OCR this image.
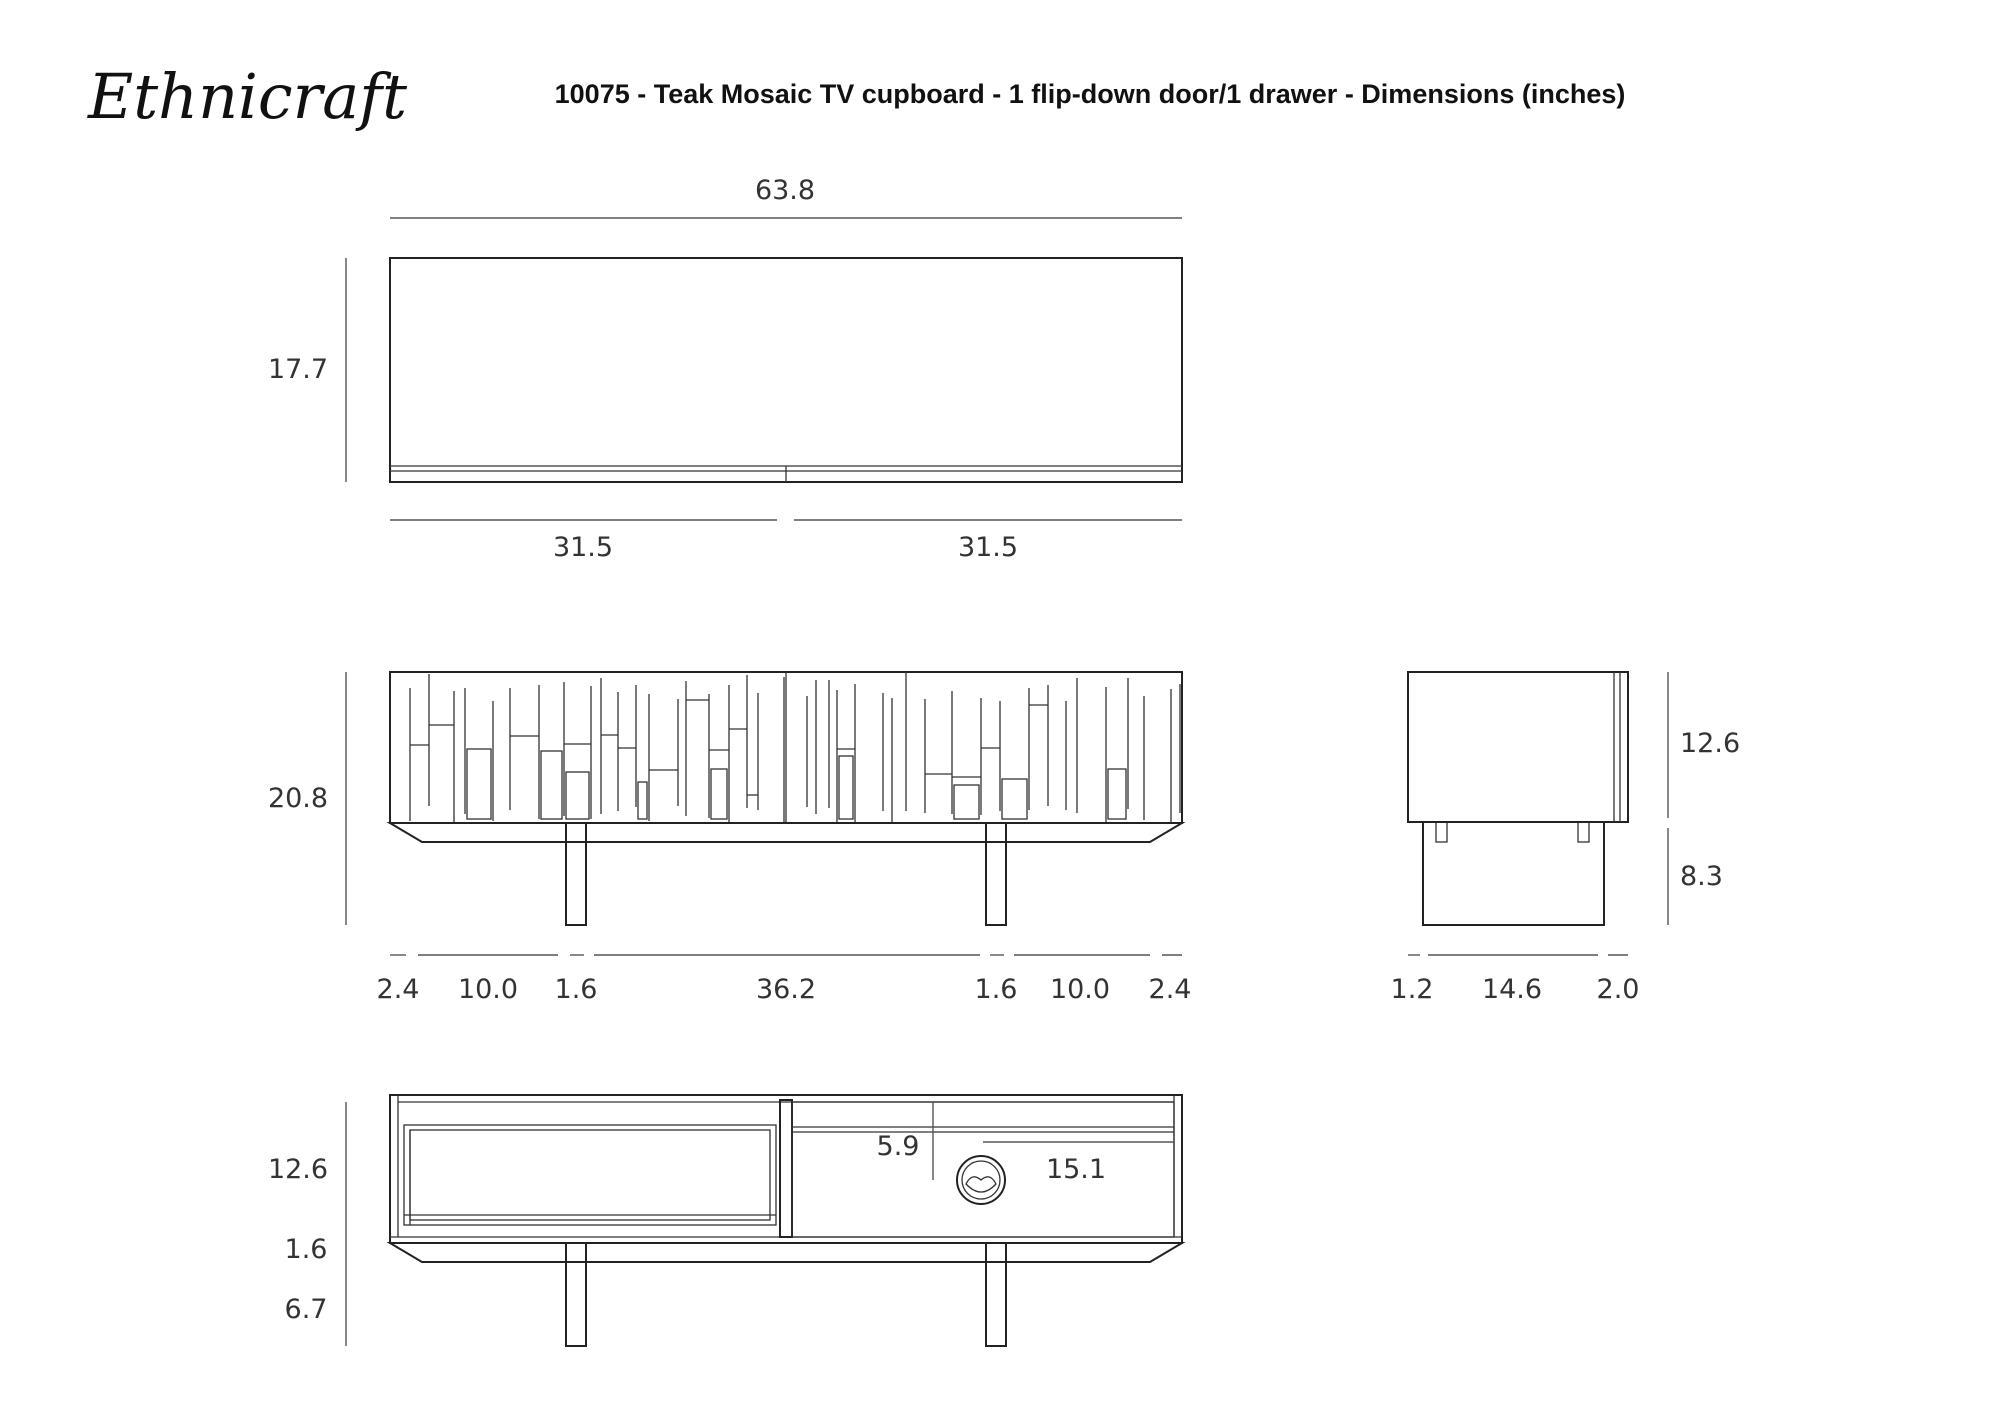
Ethnicraft	10075 - Teak Mosaic TV cupboard - 1 flip-down door/1 drawer - Dimensions (inches)
63.8
17.7
31.5	31.5
20.8
2.4 10.0 1.6	36.2	1.6 10.0 2.4
12.6
8.3
1.2 14.6 2.0
12.6
1.6
6.7
5.9
15.1
